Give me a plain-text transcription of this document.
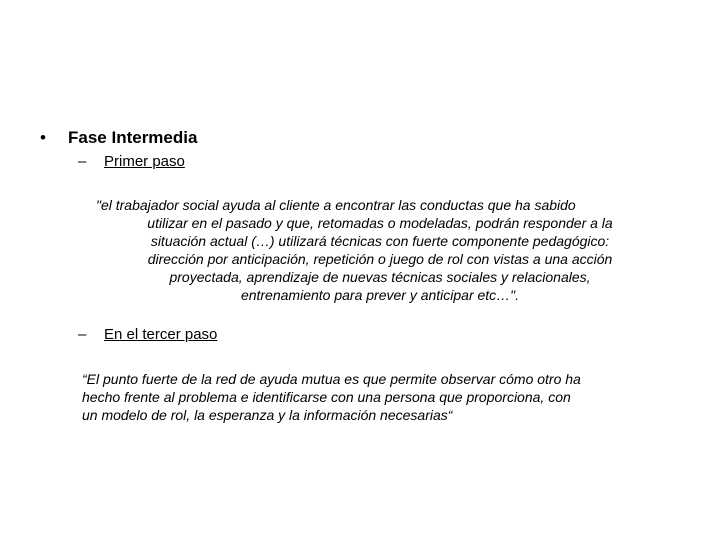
• Fase Intermedia
– Primer paso
"el trabajador social ayuda al cliente a encontrar las conductas que ha sabido
utilizar en el pasado y que, retomadas o modeladas, podrán responder a la
situación actual (…) utilizará técnicas con fuerte componente pedagógico:
dirección por anticipación, repetición o juego de rol con vistas a una acción
proyectada, aprendizaje de nuevas técnicas sociales y relacionales,
entrenamiento para prever y anticipar etc…".
– En el tercer paso
“El punto fuerte de la red de ayuda mutua es que permite observar cómo otro ha
hecho frente al problema e identificarse con una persona que proporciona, con
un modelo de rol, la esperanza y la información necesarias“
